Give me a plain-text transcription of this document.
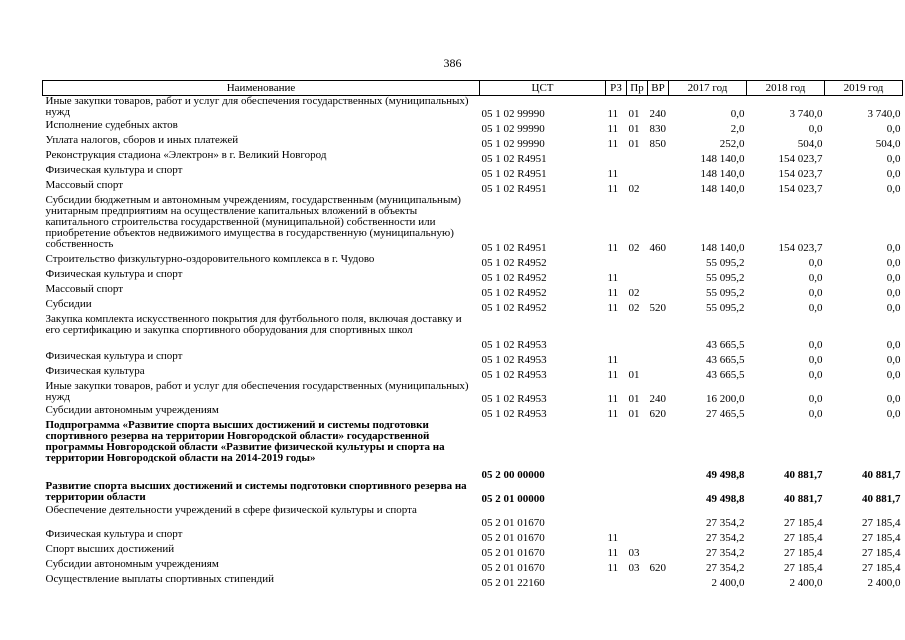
386
Наименование	ЦСТ	РЗ	Пр	ВР	2017 год	2018 год	2019 год
Иные закупки товаров, работ и услуг для обеспечения государственных (муниципальных) нужд	05 1 02 99990	11	01	240	0,0	3 740,0	3 740,0
Исполнение судебных актов	05 1 02 99990	11	01	830	2,0	0,0	0,0
Уплата налогов, сборов и иных платежей	05 1 02 99990	11	01	850	252,0	504,0	504,0
Реконструкция стадиона «Электрон» в г. Великий Новгород	05 1 02 R4951				148 140,0	154 023,7	0,0
Физическая культура и спорт	05 1 02 R4951	11			148 140,0	154 023,7	0,0
Массовый спорт	05 1 02 R4951	11	02		148 140,0	154 023,7	0,0
Субсидии бюджетным и автономным учреждениям, государственным (муниципальным) унитарным предприятиям на осуществление капитальных вложений в объекты капитального строительства государственной (муниципальной) собственности или приобретение объектов недвижимого имущества в государственную (муниципальную) собственность	05 1 02 R4951	11	02	460	148 140,0	154 023,7	0,0
Строительство физкультурно-оздоровительного комплекса в г. Чудово	05 1 02 R4952				55 095,2	0,0	0,0
Физическая культура и спорт	05 1 02 R4952	11			55 095,2	0,0	0,0
Массовый спорт	05 1 02 R4952	11	02		55 095,2	0,0	0,0
Субсидии	05 1 02 R4952	11	02	520	55 095,2	0,0	0,0
Закупка комплекта искусственного покрытия для футбольного поля, включая доставку и его сертификацию и закупка спортивного оборудования для спортивных школ	05 1 02 R4953				43 665,5	0,0	0,0
Физическая культура и спорт	05 1 02 R4953	11			43 665,5	0,0	0,0
Физическая культура	05 1 02 R4953	11	01		43 665,5	0,0	0,0
Иные закупки товаров, работ и услуг для обеспечения государственных (муниципальных) нужд	05 1 02 R4953	11	01	240	16 200,0	0,0	0,0
Субсидии автономным учреждениям	05 1 02 R4953	11	01	620	27 465,5	0,0	0,0
Подпрограмма «Развитие спорта высших достижений и системы подготовки спортивного резерва на территории Новгородской области» государственной программы Новгородской области «Развитие физической культуры и спорта на территории Новгородской области на 2014-2019 годы»	05 2 00 00000				49 498,8	40 881,7	40 881,7
Развитие спорта высших достижений и системы подготовки спортивного резерва на территории области	05 2 01 00000				49 498,8	40 881,7	40 881,7
Обеспечение деятельности учреждений в сфере физической культуры и спорта	05 2 01 01670				27 354,2	27 185,4	27 185,4
Физическая культура и спорт	05 2 01 01670	11			27 354,2	27 185,4	27 185,4
Спорт высших достижений	05 2 01 01670	11	03		27 354,2	27 185,4	27 185,4
Субсидии автономным учреждениям	05 2 01 01670	11	03	620	27 354,2	27 185,4	27 185,4
Осуществление выплаты спортивных стипендий	05 2 01 22160				2 400,0	2 400,0	2 400,0
